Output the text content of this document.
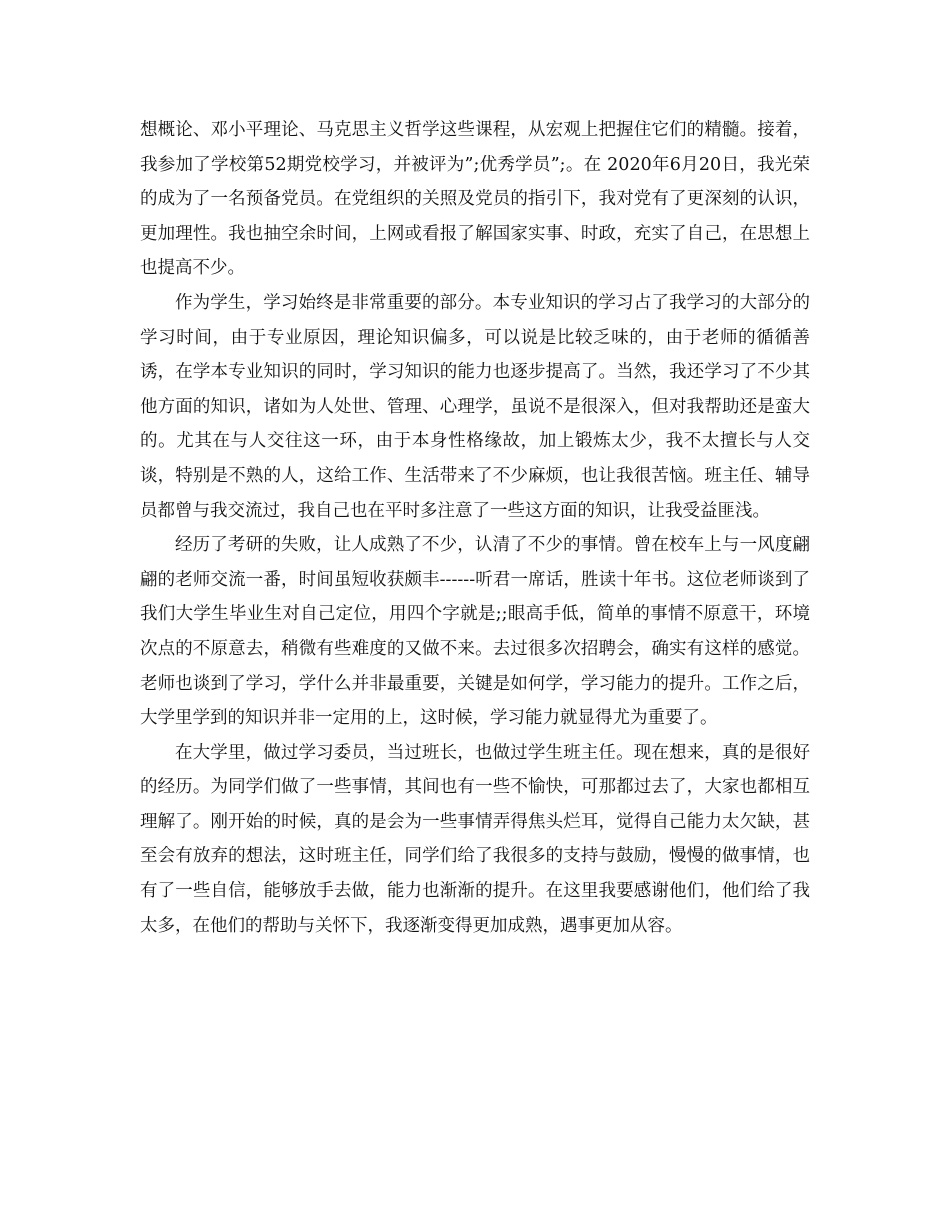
想概论、邓小平理论、马克思主义哲学这些课程，从宏观上把握住它们的精髓。接着，我参加了学校第52期党校学习，并被评为”;优秀学员”;。在 2020年6月20日，我光荣的成为了一名预备党员。在党组织的关照及党员的指引下，我对党有了更深刻的认识，更加理性。我也抽空余时间，上网或看报了解国家实事、时政，充实了自己，在思想上也提高不少。

作为学生，学习始终是非常重要的部分。本专业知识的学习占了我学习的大部分的学习时间，由于专业原因，理论知识偏多，可以说是比较乏味的，由于老师的循循善诱，在学本专业知识的同时，学习知识的能力也逐步提高了。当然，我还学习了不少其他方面的知识，诸如为人处世、管理、心理学，虽说不是很深入，但对我帮助还是蛮大的。尤其在与人交往这一环，由于本身性格缘故，加上锻炼太少，我不太擅长与人交谈，特别是不熟的人，这给工作、生活带来了不少麻烦，也让我很苦恼。班主任、辅导员都曾与我交流过，我自己也在平时多注意了一些这方面的知识，让我受益匪浅。

经历了考研的失败，让人成熟了不少，认清了不少的事情。曾在校车上与一风度翩翩的老师交流一番，时间虽短收获颇丰------听君一席话，胜读十年书。这位老师谈到了我们大学生毕业生对自己定位，用四个字就是;;眼高手低，简单的事情不原意干，环境次点的不原意去，稍微有些难度的又做不来。去过很多次招聘会，确实有这样的感觉。老师也谈到了学习，学什么并非最重要，关键是如何学，学习能力的提升。工作之后，大学里学到的知识并非一定用的上，这时候，学习能力就显得尤为重要了。

在大学里，做过学习委员，当过班长，也做过学生班主任。现在想来，真的是很好的经历。为同学们做了一些事情，其间也有一些不愉快，可那都过去了，大家也都相互理解了。刚开始的时候，真的是会为一些事情弄得焦头烂耳，觉得自己能力太欠缺，甚至会有放弃的想法，这时班主任，同学们给了我很多的支持与鼓励，慢慢的做事情，也有了一些自信，能够放手去做，能力也渐渐的提升。在这里我要感谢他们，他们给了我太多，在他们的帮助与关怀下，我逐渐变得更加成熟，遇事更加从容。
